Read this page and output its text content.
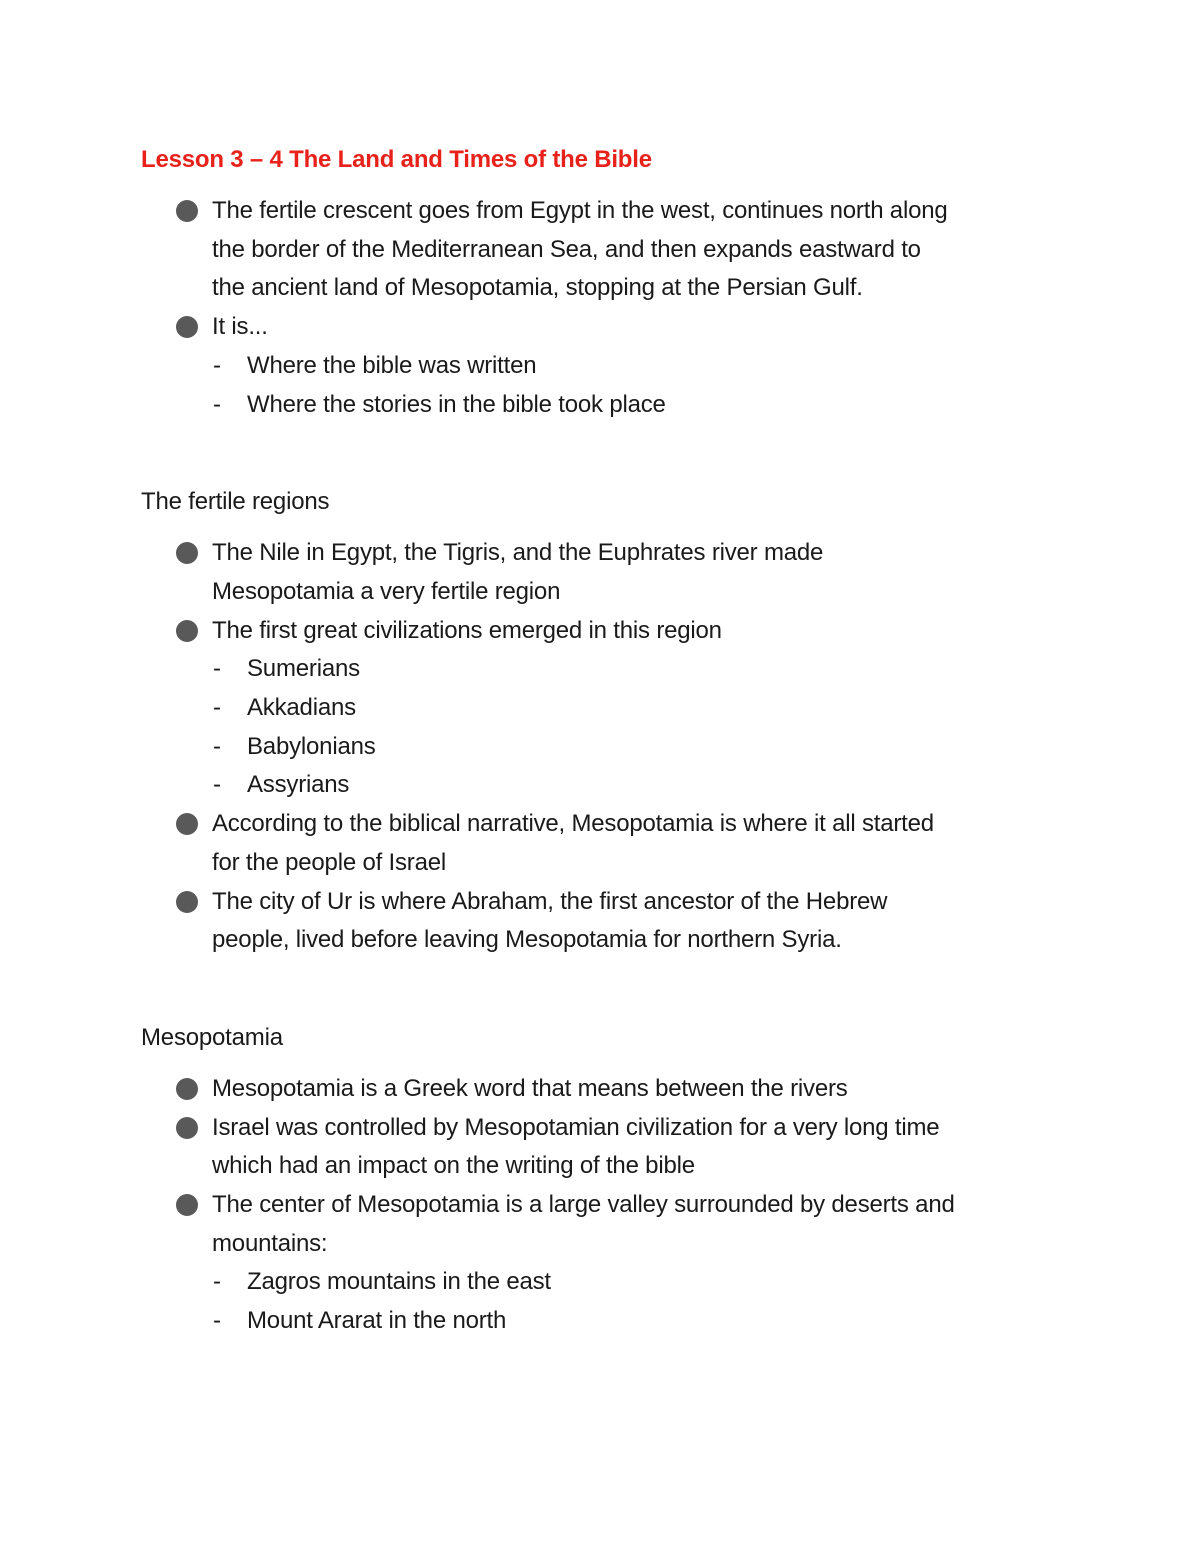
Lesson 3 – 4 The Land and Times of the Bible
The fertile crescent goes from Egypt in the west, continues north along
the border of the Mediterranean Sea, and then expands eastward to
the ancient land of Mesopotamia, stopping at the Persian Gulf.
It is...
- Where the bible was written
- Where the stories in the bible took place
The fertile regions
The Nile in Egypt, the Tigris, and the Euphrates river made
Mesopotamia a very fertile region
The first great civilizations emerged in this region
- Sumerians
- Akkadians
- Babylonians
- Assyrians
According to the biblical narrative, Mesopotamia is where it all started
for the people of Israel
The city of Ur is where Abraham, the first ancestor of the Hebrew
people, lived before leaving Mesopotamia for northern Syria.
Mesopotamia
Mesopotamia is a Greek word that means between the rivers
Israel was controlled by Mesopotamian civilization for a very long time
which had an impact on the writing of the bible
The center of Mesopotamia is a large valley surrounded by deserts and
mountains:
- Zagros mountains in the east
- Mount Ararat in the north
